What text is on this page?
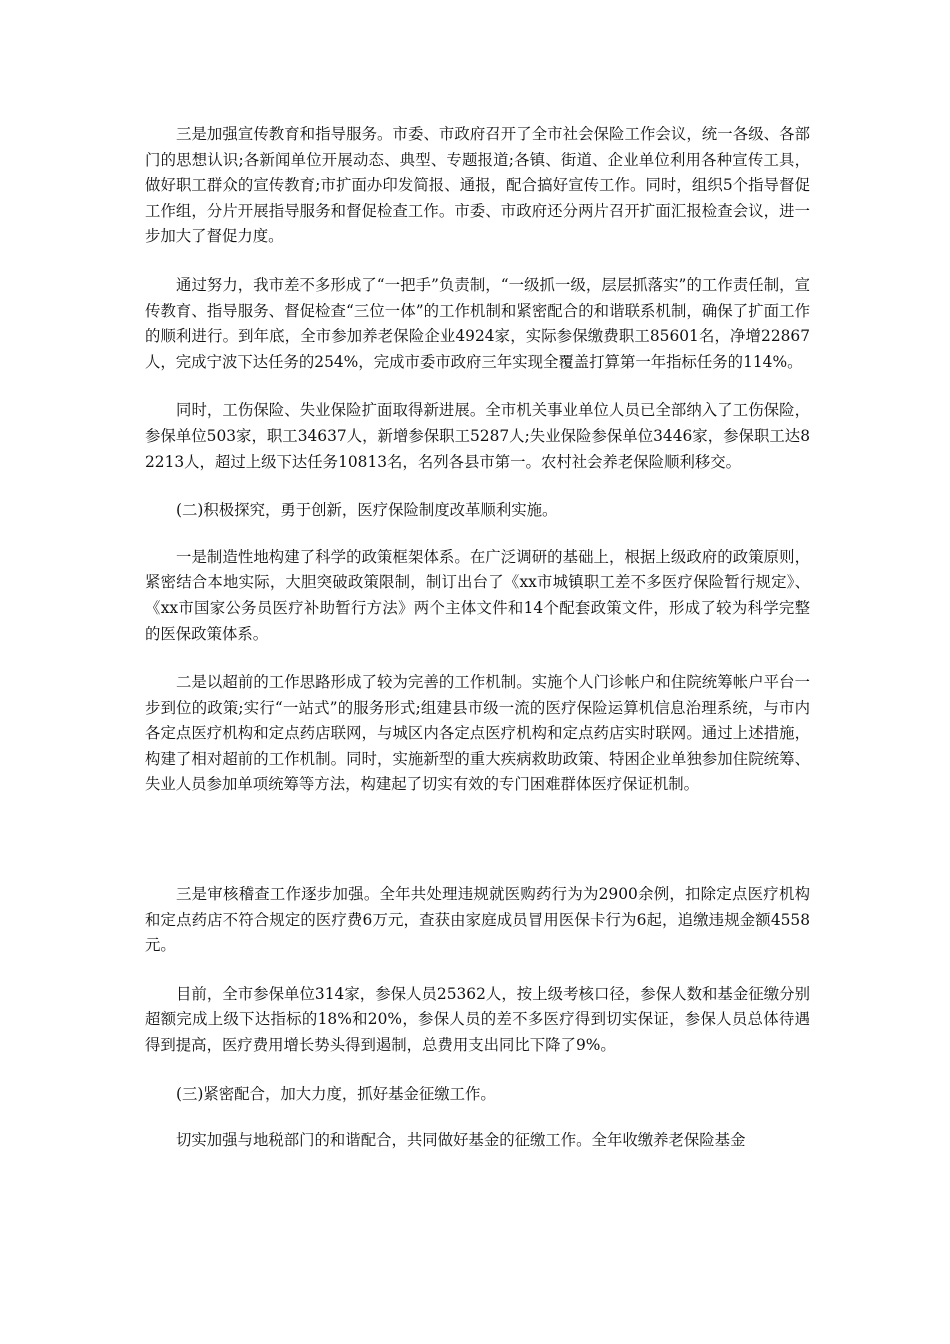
三是加强宣传教育和指导服务。市委、市政府召开了全市社会保险工作会议，统一各级、各部门的思想认识;各新闻单位开展动态、典型、专题报道;各镇、街道、企业单位利用各种宣传工具，做好职工群众的宣传教育;市扩面办印发简报、通报，配合搞好宣传工作。同时，组织5个指导督促工作组，分片开展指导服务和督促检查工作。市委、市政府还分两片召开扩面汇报检查会议，进一步加大了督促力度。

通过努力，我市差不多形成了“一把手”负责制，“一级抓一级，层层抓落实”的工作责任制，宣传教育、指导服务、督促检查“三位一体”的工作机制和紧密配合的和谐联系机制，确保了扩面工作的顺利进行。到年底，全市参加养老保险企业4924家，实际参保缴费职工85601名，净增22867人，完成宁波下达任务的254%，完成市委市政府三年实现全覆盖打算第一年指标任务的114%。

同时，工伤保险、失业保险扩面取得新进展。全市机关事业单位人员已全部纳入了工伤保险，参保单位503家，职工34637人，新增参保职工5287人;失业保险参保单位3446家，参保职工达82213人，超过上级下达任务10813名，名列各县市第一。农村社会养老保险顺利移交。

(二)积极探究，勇于创新，医疗保险制度改革顺利实施。

一是制造性地构建了科学的政策框架体系。在广泛调研的基础上，根据上级政府的政策原则，紧密结合本地实际，大胆突破政策限制，制订出台了《xx市城镇职工差不多医疗保险暂行规定》、《xx市国家公务员医疗补助暂行方法》两个主体文件和14个配套政策文件，形成了较为科学完整的医保政策体系。

二是以超前的工作思路形成了较为完善的工作机制。实施个人门诊帐户和住院统筹帐户平台一步到位的政策;实行“一站式”的服务形式;组建县市级一流的医疗保险运算机信息治理系统，与市内各定点医疗机构和定点药店联网，与城区内各定点医疗机构和定点药店实时联网。通过上述措施，构建了相对超前的工作机制。同时，实施新型的重大疾病救助政策、特困企业单独参加住院统筹、失业人员参加单项统筹等方法，构建起了切实有效的专门困难群体医疗保证机制。

三是审核稽查工作逐步加强。全年共处理违规就医购药行为为2900余例，扣除定点医疗机构和定点药店不符合规定的医疗费6万元，查获由家庭成员冒用医保卡行为6起，追缴违规金额4558元。

目前，全市参保单位314家，参保人员25362人，按上级考核口径，参保人数和基金征缴分别超额完成上级下达指标的18%和20%，参保人员的差不多医疗得到切实保证，参保人员总体待遇得到提高，医疗费用增长势头得到遏制，总费用支出同比下降了9%。

(三)紧密配合，加大力度，抓好基金征缴工作。

切实加强与地税部门的和谐配合，共同做好基金的征缴工作。全年收缴养老保险基金
